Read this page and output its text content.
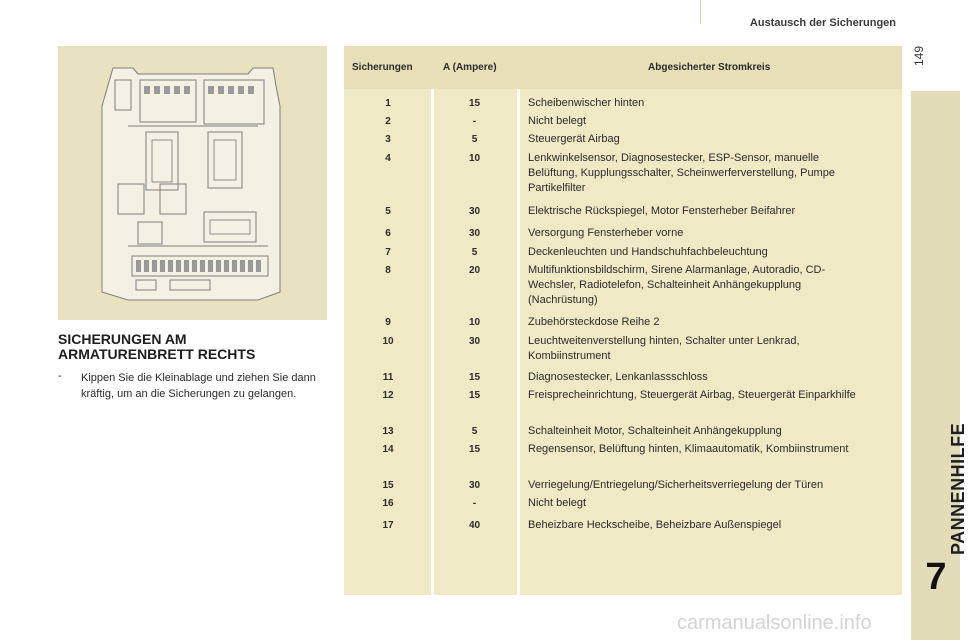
Austausch der Sicherungen
149
PANNENHILFE
7
SICHERUNGEN AM
ARMATURENBRETT RECHTS
-	Kippen Sie die Kleinablage und ziehen Sie dann kräftig, um an die Sicherungen zu gelangen.
Sicherungen	A (Ampere)	Abgesicherter Stromkreis
1	15	Scheibenwischer hinten
2	-	Nicht belegt
3	5	Steuergerät Airbag
4	10	Lenkwinkelsensor, Diagnosestecker, ESP-Sensor, manuelle Belüftung, Kupplungsschalter, Scheinwerferverstellung, Pumpe Partikelfilter
5	30	Elektrische Rückspiegel, Motor Fensterheber Beifahrer
6	30	Versorgung Fensterheber vorne
7	5	Deckenleuchten und Handschuhfachbeleuchtung
8	20	Multifunktionsbildschirm, Sirene Alarmanlage, Autoradio, CD-Wechsler, Radiotelefon, Schalteinheit Anhängekupplung (Nachrüstung)
9	10	Zubehörsteckdose Reihe 2
10	30	Leuchtweitenverstellung hinten, Schalter unter Lenkrad, Kombiinstrument
11	15	Diagnosestecker, Lenkanlassschloss
12	15	Freisprecheinrichtung, Steuergerät Airbag, Steuergerät Einparkhilfe
13	5	Schalteinheit Motor, Schalteinheit Anhängekupplung
14	15	Regensensor, Belüftung hinten, Klimaautomatik, Kombiinstrument
15	30	Verriegelung/Entriegelung/Sicherheitsverriegelung der Türen
16	-	Nicht belegt
17	40	Beheizbare Heckscheibe, Beheizbare Außenspiegel
carmanualsonline.info
